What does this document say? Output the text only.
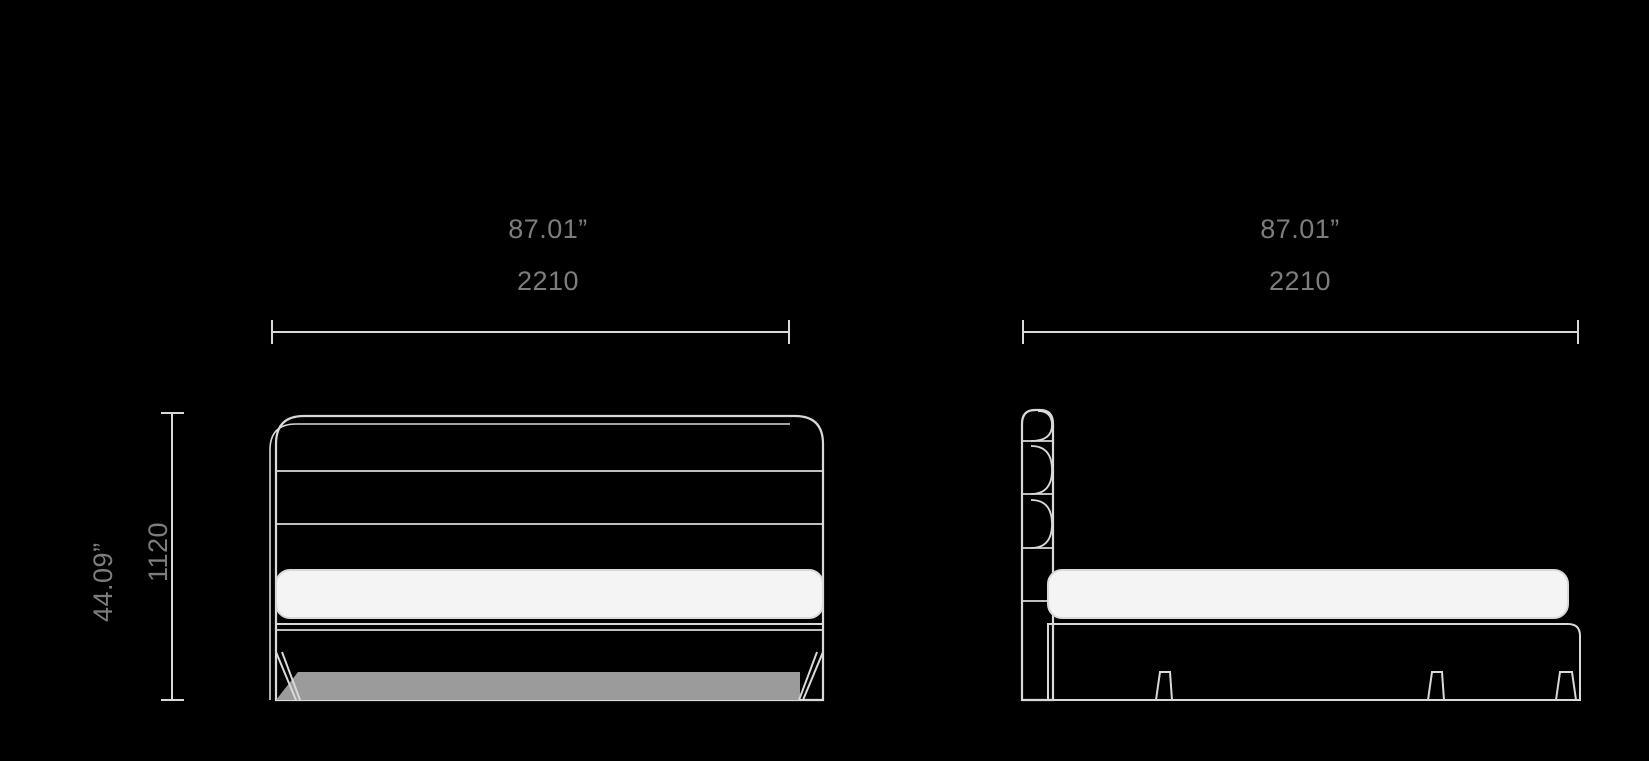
87.01”
2210
87.01”
2210
44.09” 1120
